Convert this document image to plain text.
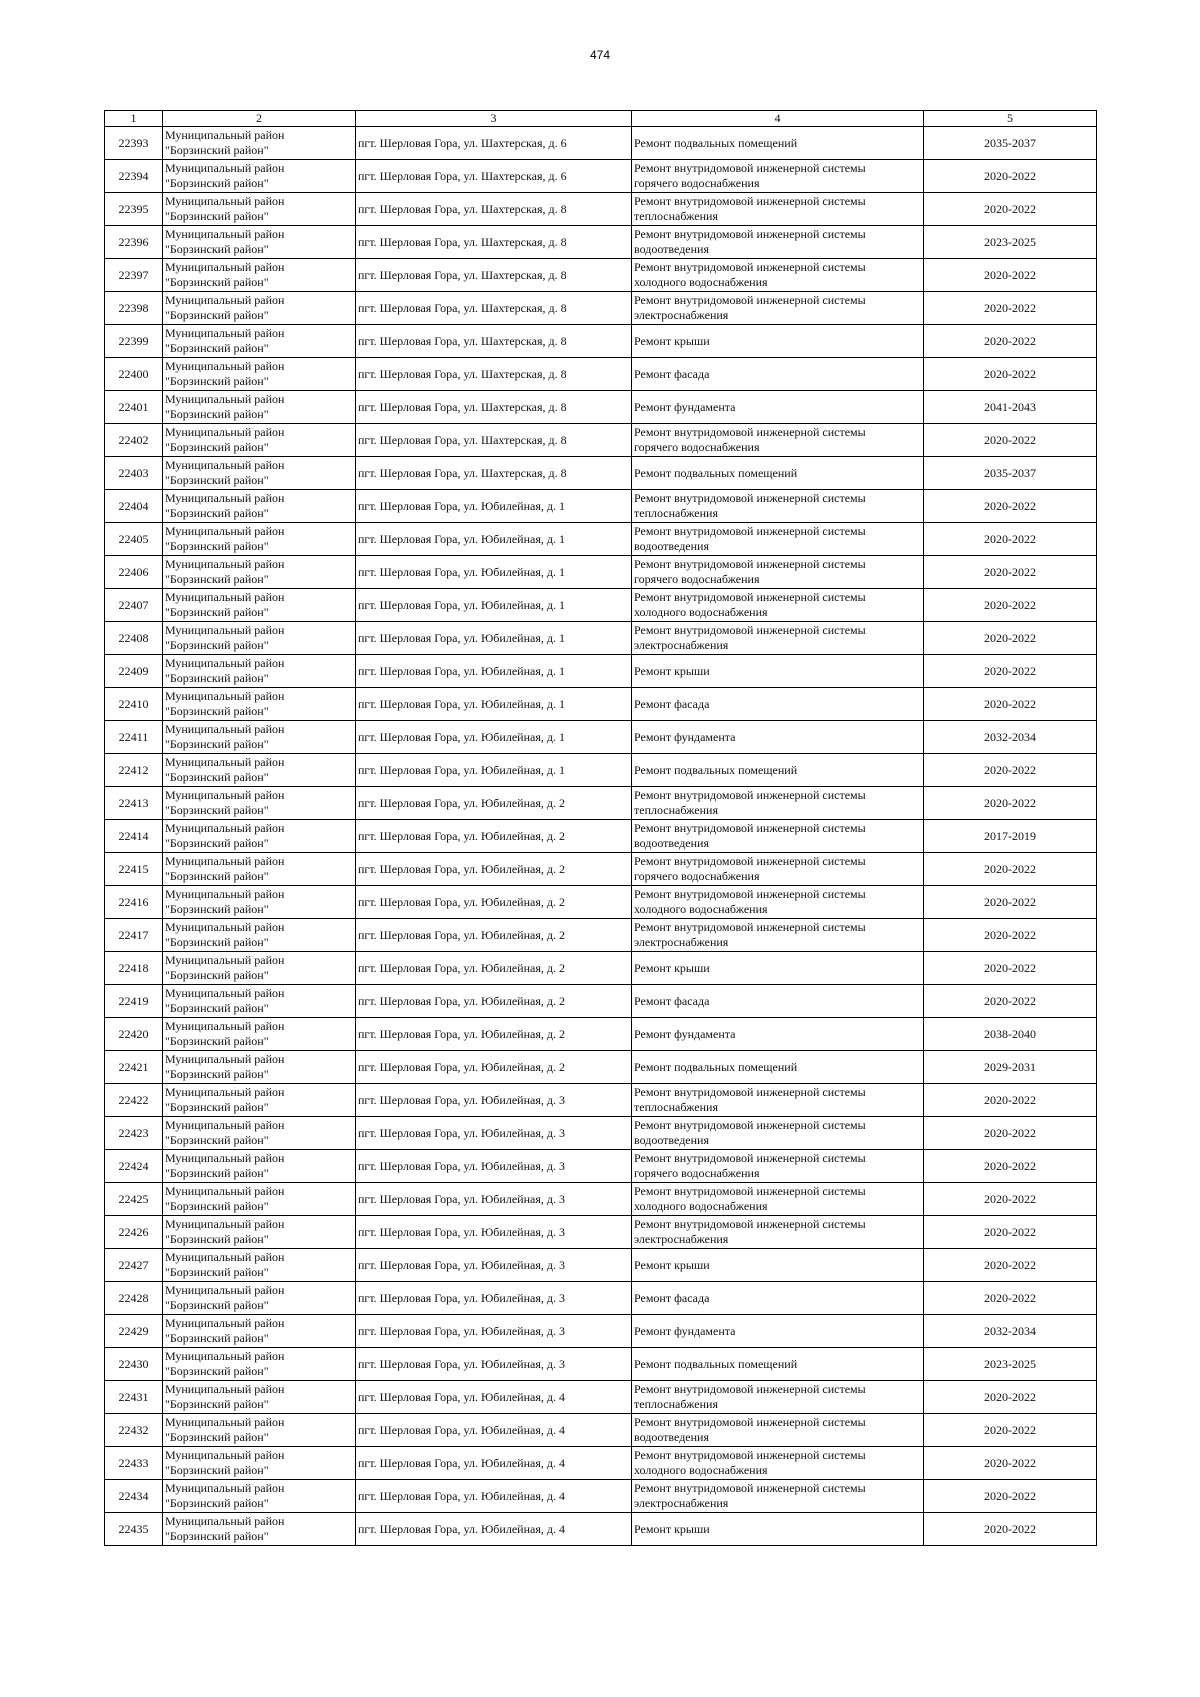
474
1	2	3	4	5

22393	Муниципальный район
"Борзинский район"	пгт. Шерловая Гора, ул. Шахтерская, д. 6	Ремонт подвальных помещений	2035-2037

22394	Муниципальный район
"Борзинский район"	пгт. Шерловая Гора, ул. Шахтерская, д. 6	Ремонт внутридомовой инженерной системы
горячего водоснабжения	2020-2022

22395	Муниципальный район
"Борзинский район"	пгт. Шерловая Гора, ул. Шахтерская, д. 8	Ремонт внутридомовой инженерной системы
теплоснабжения	2020-2022

22396	Муниципальный район
"Борзинский район"	пгт. Шерловая Гора, ул. Шахтерская, д. 8	Ремонт внутридомовой инженерной системы
водоотведения	2023-2025

22397	Муниципальный район
"Борзинский район"	пгт. Шерловая Гора, ул. Шахтерская, д. 8	Ремонт внутридомовой инженерной системы
холодного водоснабжения	2020-2022

22398	Муниципальный район
"Борзинский район"	пгт. Шерловая Гора, ул. Шахтерская, д. 8	Ремонт внутридомовой инженерной системы
электроснабжения	2020-2022

22399	Муниципальный район
"Борзинский район"	пгт. Шерловая Гора, ул. Шахтерская, д. 8	Ремонт крыши	2020-2022

22400	Муниципальный район
"Борзинский район"	пгт. Шерловая Гора, ул. Шахтерская, д. 8	Ремонт фасада	2020-2022

22401	Муниципальный район
"Борзинский район"	пгт. Шерловая Гора, ул. Шахтерская, д. 8	Ремонт фундамента	2041-2043

22402	Муниципальный район
"Борзинский район"	пгт. Шерловая Гора, ул. Шахтерская, д. 8	Ремонт внутридомовой инженерной системы
горячего водоснабжения	2020-2022

22403	Муниципальный район
"Борзинский район"	пгт. Шерловая Гора, ул. Шахтерская, д. 8	Ремонт подвальных помещений	2035-2037

22404	Муниципальный район
"Борзинский район"	пгт. Шерловая Гора, ул. Юбилейная, д. 1	Ремонт внутридомовой инженерной системы
теплоснабжения	2020-2022

22405	Муниципальный район
"Борзинский район"	пгт. Шерловая Гора, ул. Юбилейная, д. 1	Ремонт внутридомовой инженерной системы
водоотведения	2020-2022

22406	Муниципальный район
"Борзинский район"	пгт. Шерловая Гора, ул. Юбилейная, д. 1	Ремонт внутридомовой инженерной системы
горячего водоснабжения	2020-2022

22407	Муниципальный район
"Борзинский район"	пгт. Шерловая Гора, ул. Юбилейная, д. 1	Ремонт внутридомовой инженерной системы
холодного водоснабжения	2020-2022

22408	Муниципальный район
"Борзинский район"	пгт. Шерловая Гора, ул. Юбилейная, д. 1	Ремонт внутридомовой инженерной системы
электроснабжения	2020-2022

22409	Муниципальный район
"Борзинский район"	пгт. Шерловая Гора, ул. Юбилейная, д. 1	Ремонт крыши	2020-2022

22410	Муниципальный район
"Борзинский район"	пгт. Шерловая Гора, ул. Юбилейная, д. 1	Ремонт фасада	2020-2022

22411	Муниципальный район
"Борзинский район"	пгт. Шерловая Гора, ул. Юбилейная, д. 1	Ремонт фундамента	2032-2034

22412	Муниципальный район
"Борзинский район"	пгт. Шерловая Гора, ул. Юбилейная, д. 1	Ремонт подвальных помещений	2020-2022

22413	Муниципальный район
"Борзинский район"	пгт. Шерловая Гора, ул. Юбилейная, д. 2	Ремонт внутридомовой инженерной системы
теплоснабжения	2020-2022

22414	Муниципальный район
"Борзинский район"	пгт. Шерловая Гора, ул. Юбилейная, д. 2	Ремонт внутридомовой инженерной системы
водоотведения	2017-2019

22415	Муниципальный район
"Борзинский район"	пгт. Шерловая Гора, ул. Юбилейная, д. 2	Ремонт внутридомовой инженерной системы
горячего водоснабжения	2020-2022

22416	Муниципальный район
"Борзинский район"	пгт. Шерловая Гора, ул. Юбилейная, д. 2	Ремонт внутридомовой инженерной системы
холодного водоснабжения	2020-2022

22417	Муниципальный район
"Борзинский район"	пгт. Шерловая Гора, ул. Юбилейная, д. 2	Ремонт внутридомовой инженерной системы
электроснабжения	2020-2022

22418	Муниципальный район
"Борзинский район"	пгт. Шерловая Гора, ул. Юбилейная, д. 2	Ремонт крыши	2020-2022

22419	Муниципальный район
"Борзинский район"	пгт. Шерловая Гора, ул. Юбилейная, д. 2	Ремонт фасада	2020-2022

22420	Муниципальный район
"Борзинский район"	пгт. Шерловая Гора, ул. Юбилейная, д. 2	Ремонт фундамента	2038-2040

22421	Муниципальный район
"Борзинский район"	пгт. Шерловая Гора, ул. Юбилейная, д. 2	Ремонт подвальных помещений	2029-2031

22422	Муниципальный район
"Борзинский район"	пгт. Шерловая Гора, ул. Юбилейная, д. 3	Ремонт внутридомовой инженерной системы
теплоснабжения	2020-2022

22423	Муниципальный район
"Борзинский район"	пгт. Шерловая Гора, ул. Юбилейная, д. 3	Ремонт внутридомовой инженерной системы
водоотведения	2020-2022

22424	Муниципальный район
"Борзинский район"	пгт. Шерловая Гора, ул. Юбилейная, д. 3	Ремонт внутридомовой инженерной системы
горячего водоснабжения	2020-2022

22425	Муниципальный район
"Борзинский район"	пгт. Шерловая Гора, ул. Юбилейная, д. 3	Ремонт внутридомовой инженерной системы
холодного водоснабжения	2020-2022

22426	Муниципальный район
"Борзинский район"	пгт. Шерловая Гора, ул. Юбилейная, д. 3	Ремонт внутридомовой инженерной системы
электроснабжения	2020-2022

22427	Муниципальный район
"Борзинский район"	пгт. Шерловая Гора, ул. Юбилейная, д. 3	Ремонт крыши	2020-2022

22428	Муниципальный район
"Борзинский район"	пгт. Шерловая Гора, ул. Юбилейная, д. 3	Ремонт фасада	2020-2022

22429	Муниципальный район
"Борзинский район"	пгт. Шерловая Гора, ул. Юбилейная, д. 3	Ремонт фундамента	2032-2034

22430	Муниципальный район
"Борзинский район"	пгт. Шерловая Гора, ул. Юбилейная, д. 3	Ремонт подвальных помещений	2023-2025

22431	Муниципальный район
"Борзинский район"	пгт. Шерловая Гора, ул. Юбилейная, д. 4	Ремонт внутридомовой инженерной системы
теплоснабжения	2020-2022

22432	Муниципальный район
"Борзинский район"	пгт. Шерловая Гора, ул. Юбилейная, д. 4	Ремонт внутридомовой инженерной системы
водоотведения	2020-2022

22433	Муниципальный район
"Борзинский район"	пгт. Шерловая Гора, ул. Юбилейная, д. 4	Ремонт внутридомовой инженерной системы
холодного водоснабжения	2020-2022

22434	Муниципальный район
"Борзинский район"	пгт. Шерловая Гора, ул. Юбилейная, д. 4	Ремонт внутридомовой инженерной системы
электроснабжения	2020-2022

22435	Муниципальный район
"Борзинский район"	пгт. Шерловая Гора, ул. Юбилейная, д. 4	Ремонт крыши	2020-2022
